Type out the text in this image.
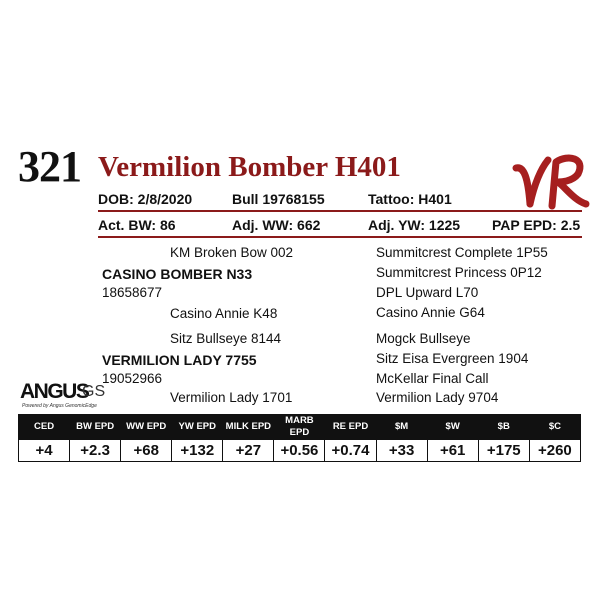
321 Vermilion Bomber H401
DOB: 2/8/2020	Bull 19768155	Tattoo: H401
Act. BW: 86	Adj. WW: 662	Adj. YW: 1225 PAP EPD: 2.5
KM Broken Bow 002
CASINO BOMBER N33
18658677
Casino Annie K48
Sitz Bullseye 8144
VERMILION LADY 7755
19052966
Vermilion Lady 1701
Summitcrest Complete 1P55
Summitcrest Princess 0P12
DPL Upward L70
Casino Annie G64
Mogck Bullseye
Sitz Eisa Evergreen 1904
McKellar Final Call
Vermilion Lady 9704
ANGUS
GS
Powered by Angus GenomicEdge
CED	BW EPD	WW EPD	YW EPD	MILK EPD	MARB EPD	RE EPD	$M	$W	$B	$C
+4	+2.3	+68	+132	+27	+0.56	+0.74	+33	+61	+175	+260
